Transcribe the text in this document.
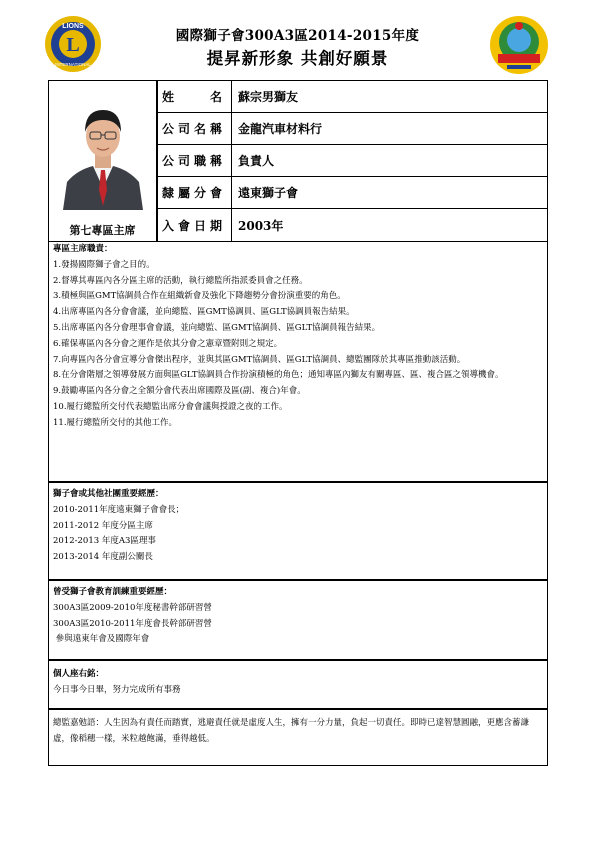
L
LIONS
INTERNATIONAL
國際獅子會300A3區2014-2015年度
提昇新形象 共創好願景
第七專區主席
姓　　名 蘇宗男獅友
公司名稱 金龍汽車材料行
公司職稱 負責人
隸屬分會 遠東獅子會
入會日期 2003年
專區主席職責：
1.發揚國際獅子會之目的。
2.督導其專區內各分區主席的活動，執行總監所指派委員會之任務。
3.積極與區GMT協調員合作在組織新會及強化下降趨勢分會扮演重要的角色。
4.出席專區內各分會會議，並向總監、區GMT協調員、區GLT協調員報告結果。
5.出席專區內各分會理事會會議，並向總監、區GMT協調員、區GLT協調員報告結果。
6.確保專區內各分會之運作是依其分會之憲章暨附則之規定。
7.向專區內各分會宣導分會傑出程序，並與其區GMT協調員、區GLT協調員、總監團隊於其專區推動該活動。
8.在分會階層之領導發展方面與區GLT協調員合作扮演積極的角色；通知專區內獅友有關專區、區、複合區之領導機會。
9.鼓勵專區內各分會之全額分會代表出席國際及區(副、複合)年會。
10.履行總監所交付代表總監出席分會會議與授證之夜的工作。
11.履行總監所交付的其他工作。
獅子會或其他社團重要經歷：
2010-2011年度遠東獅子會會長；
2011-2012 年度分區主席
2012-2013 年度A3區理事
2013-2014 年度副公關長
曾受獅子會教育訓練重要經歷：
300A3區2009-2010年度秘書幹部研習營
300A3區2010-2011年度會長幹部研習營
參與遠東年會及國際年會
個人座右銘：
今日事今日畢，努力完成所有事務
總監嘉勉語：人生因為有責任而踏實，逃避責任就是虛度人生，擁有一分力量，負起一切責任。即時已達智慧圓融，更應含蓄謙虛，像稻穗一樣，米粒越飽滿，垂得越低。
